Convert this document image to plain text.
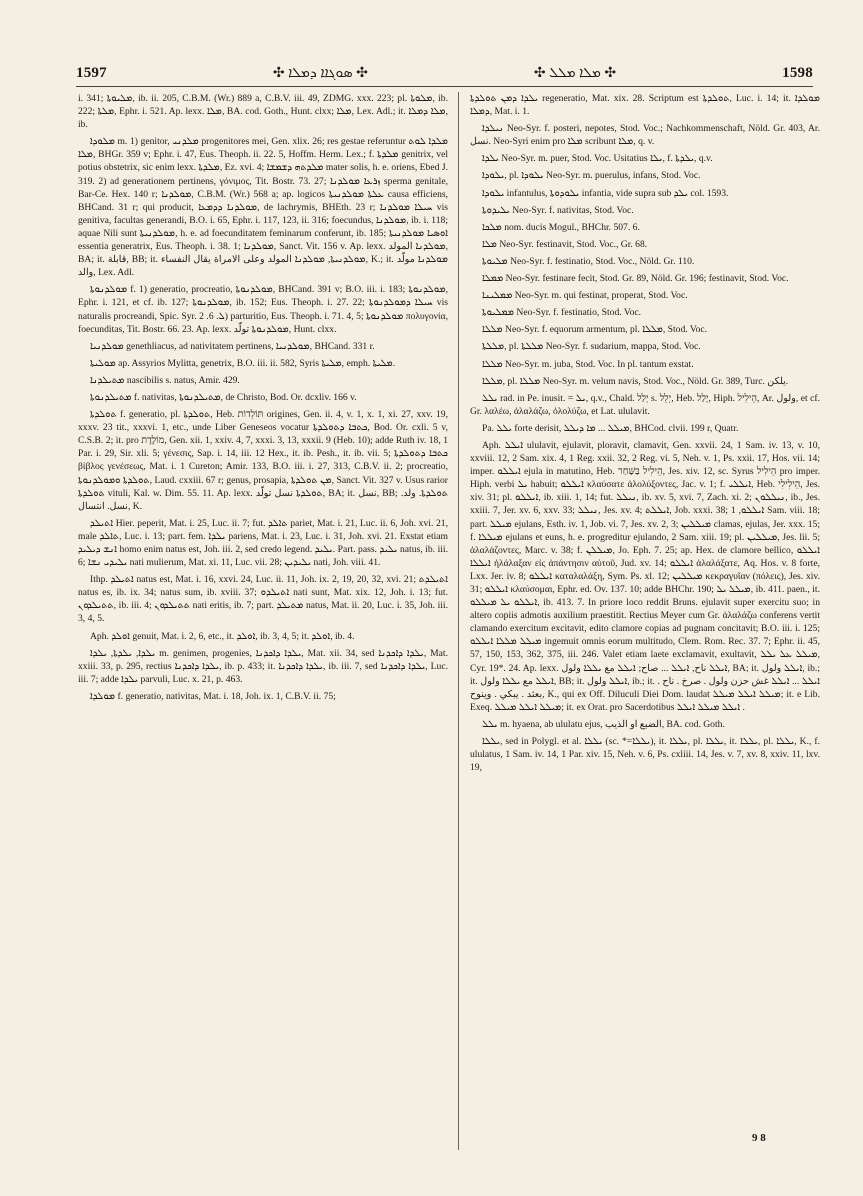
1597	✣ ܣܘܓܐܐ ܕܡܠܐ ✣	✣ ܡܠܐ ܡܠܠ ✣	1598

i. 341; ܡܠܝܘܬܐ, ib. ii. 205, C.B.M. (Wr.) 889 a, C.B.V. iii. 49, ZDMG. xxx. 223; pl. ܡܠܘܬܐ, ib. 222; ܡܠܬܐ, Ephr. i. 521. Ap. lexx. ܡܠܐ, BA. cod. Goth., Hunt. clxx; ܡܠܐ, Lex. Adl.; it. ܡܠܐ ܕܡܠܐ, ib.

ܡܠܘܕܐ m. 1) genitor, ܡܠܕܢܝ progenitores mei, Gen. xlix. 26; res gestae referuntur ܡܠܕܐ ܠܘܬ ܡܠܐ, BHGr. 359 v; Ephr. i. 47, Eus. Theoph. ii. 22. 5, Hoffm. Herm. Lex.; f. ܡܠܕܬܐ genitrix, vel potius obstetrix, sic enim lexx. ܡܠܕܬܐ, Ez. xvi. 4; ܡܠܕܬܗ ܕܫܡܫܐ mater solis, h. e. oriens, Ebed J. 319. 2) ad generationem pertinens, γόνιμος, Tit. Bostr. 73. 27; ܙܪܥܐ ܡܘܠܕܢܐ sperma genitale, Bar-Ce. Hex. 140 r; ܡܘܠܕܢܐ, C.B.M. (Wr.) 568 a; ap. logicos ܥܠܬܐ ܡܘܠܕܢܝܬܐ causa efficiens, BHCand. 31 r; qui producit, ܡܘܠܕܢܐ ܕܕܡܥܐ, de lachrymis, BHEth. 23 r; ܚܝܠܐ ܡܘܠܕܢܐ vis genitiva, facultas generandi, B.O. i. 65, Ephr. i. 117, 123, ii. 316; foecundus, ܡܘܠܕܢܐ, ib. i. 118; aquae Nili sunt ܡܘܠܕܢܝܬܐ, h. e. ad foecunditatem feminarum conferunt, ib. 185; ܐܘܣܝܐ ܡܘܠܕܢܝܬܐ essentia generatrix, Eus. Theoph. i. 38. 1; ܡܘܠܕܢܐ, Sanct. Vit. 156 v. Ap. lexx. ܡܘܠܕܢܐ المولد, BA; it. قابلة, BB; it. ܡܘܠܕܢܝܬܐ, ܡܘܠܕܢܐ المولد وعلى الامراة يقال النفساء, K.; it. ܡܘܠܕܢܐ مولّد والد, Lex. Adl.

ܡܘܠܕܢܘܬܐ f. 1) generatio, procreatio, ܡܘܠܕܢܘܬܐ, BHCand. 391 v; B.O. iii. i. 183; ܡܘܠܕܢܘܬܐ, Ephr. i. 121, et cf. ib. 127; ܡܘܠܕܢܘܬܐ, ib. 152; Eus. Theoph. i. 27. 22; ܚܝܠܐ ܕܡܘܠܕܢܘܬܐ vis naturalis procreandi, Spic. Syr. ܠ. 6. 2) parturitio, Eus. Theoph. i. 71. 4, 5; ܡܘܠܕܢܘܬܐ πολυγονία, foecunditas, Tit. Bostr. 66. 23. Ap. lexx. ܡܘܠܕܢܘܬܐ تولّد, Hunt. clxx.

ܡܘܠܕܢܝܐ genethliacus, ad nativitatem pertinens, ܡܘܠܕܢܝܐ, BHCand. 331 r.

ܡܘܠܝܬܐ ap. Assyrios Mylitta, genetrix, B.O. iii. ii. 582, Syris ܡܠܝܬܐ, emph. ܡܠܝܬܐ.

ܡܬܝܠܕܢܐ nascibilis s. natus, Amir. 429.

ܡܬܝܠܕܢܘܬܐ f. nativitas, ܡܬܝܠܕܢܘܬܐ, de Christo, Bod. Or. dcxliv. 166 v.

ܬܘܠܕܬܐ f. generatio, pl. ܬܘܠܕܬܐ, Heb. תּוֹלְדוֹת origines, Gen. ii. 4, v. 1, x. 1, xi. 27, xxv. 19, xxxv. 23 tit., xxxvi. 1, etc., unde Liber Geneseos vocatur ܟܬܒܐ ܕܬܘܠܕܬܐ, Bod. Or. cxli. 5 v, C.S.B. 2; it. pro מוֹלֶדֶת, Gen. xii. 1, xxiv. 4, 7, xxxi. 3, 13, xxxii. 9 (Heb. 10); adde Ruth iv. 18, 1 Par. i. 29, Sir. xli. 5; γένεσις, Sap. i. 14, iii. 12 Hex., it. ib. Pesh., it. ib. vii. 5; ܟܬܒܐ ܕܬܘܠܕܬܐ βίβλος γενέσεως, Mat. i. 1 Cureton; Amir. 133, B.O. iii. i. 27, 313, C.B.V. ii. 2; procreatio, ܬܘܠܕܬܐ ܘܡܘܠܕܢܘܬܐ, Laud. cxxiii. 67 r; genus, prosapia, ܡܢ ܬܘܠܕܬܐ, Sanct. Vit. 327 v. Usus rarior ܬܘܠܕܬܐ vituli, Kal. w. Dim. 55. 11. Ap. lexx. ܬܘܠܕܬܐ نسل تولّد, BA; it. نسل, BB; ܬܘܠܕܬܐ. ولد. نسل. انتسال, K.

ܐܬܝܠܕ Hier. peperit, Mat. i. 25, Luc. ii. 7; fut. ܬܐܠܕ pariet, Mat. i. 21, Luc. ii. 6, Joh. xvi. 21, male ܬܐܠܕ, Luc. i. 13; part. fem. ܝܠܕܐ pariens, Mat. i. 23, Luc. i. 31, Joh. xvi. 21. Exstat etiam ܐܢܫ ܕܝܠܝܕ homo enim natus est, Joh. iii. 2, sed credo legend. ܝܠܝܕ. Part. pass. ܝܠܝܕ natus, ib. iii. 6; ܝܠܝܕܝ ܢܫܐ nati mulierum, Mat. xi. 11, Luc. vii. 28; ܝܠܝܕܝܢ nati, Joh. viii. 41.

Ithp. ܐܬܝܠܕ natus est, Mat. i. 16, xxvi. 24, Luc. ii. 11, Joh. ix. 2, 19, 20, 32, xvi. 21; ܐܬܝܠܕܬ natus es, ib. ix. 34; natus sum, ib. xviii. 37; ܐܬܝܠܕܘ nati sunt, Mat. xix. 12, Joh. i. 13; fut. ܬܬܝܠܕܘܢ, ib. iii. 4; ܬܬܝܠܕܘܢ nati eritis, ib. 7; part. ܡܬܝܠܕ natus, Mat. ii. 20, Luc. i. 35, Joh. iii. 3, 4, 5.

Aph. ܐܘܠܕ genuit, Mat. i. 2, 6, etc., it. ܐܘܠܕ, ib. 3, 4, 5; it. ܐܘܠܕ, ib. 4.

ܝܠܕܐ, ܝܠܕܬܐ, ܝܠܕܐ m. genimen, progenies, ܝܠܕܐ ܕܐܟܕܢܐ, Mat. xii. 34, sed ܝܠܕܐ ܕܐܟܕܢܐ, Mat. xxiii. 33, p. 295, rectius ܝܠܕܐ ܕܐܟܕܢܐ, ib. p. 433; it. ܝܠܕܐ ܕܐܟܕܢܐ, ib. iii. 7, sed ܝܠܕܐ ܕܐܟܕܢܐ, Luc. iii. 7; adde ܝܠܕܐ parvuli, Luc. x. 21, p. 463.

ܡܘܠܕܐ f. generatio, nativitas, Mat. i. 18, Joh. ix. 1, C.B.V. ii. 75;

ܝܠܕܐ ܕܡܢ ܬܘܠܕܬܐ regeneratio, Mat. xix. 28. Scriptum est ܬܘܠܕܬܐ, Luc. i. 14; it. ܡܘܠܕܐ ܕܡܠܐ, Mat. i. 1.

ܢܝܠܕܐ Neo-Syr. f. posteri, nepotes, Stod. Voc.; Nachkommenschaft, Nöld. Gr. 403, Ar. نسل. Neo-Syri enim pro ܡܠܐ scribunt ܡܠܐ, q. v.

ܝܠܕܐ Neo-Syr. m. puer, Stod. Voc. Usitatius ܝܠܐ, f. ܝܠܕܬܐ, q.v.

ܝܠܘܕܐ, pl. ܝܠܘܕܐ Neo-Syr. m. puerulus, infans, Stod. Voc.

ܝܠܘܕܐ infantulus, ܝܠܘܕܘܬܐ infantia, vide supra sub ܝܠܕ col. 1593.

ܝܠܝܕܘܬܐ Neo-Syr. f. nativitas, Stod. Voc.

ܡܠܟܐ nom. ducis Mogul., BHChr. 507. 6.

ܡܠܐ Neo-Syr. festinavit, Stod. Voc., Gr. 68.

ܡܠܝܘܬܐ Neo-Syr. f. festinatio, Stod. Voc., Nöld. Gr. 110.

ܡܡܠܐ Neo-Syr. festinare fecit, Stod. Gr. 89, Nöld. Gr. 196; festinavit, Stod. Voc.

ܡܡܠܝܢܐ Neo-Syr. m. qui festinat, properat, Stod. Voc.

ܡܡܠܝܘܬܐ Neo-Syr. f. festinatio, Stod. Voc.

ܡܠܠܐ Neo-Syr. f. equorum armentum, pl. ܡܠܠܐ, Stod. Voc.

ܡܠܠܬܐ, pl. ܡܠܠܬܐ Neo-Syr. f. sudarium, mappa, Stod. Voc.

ܡܠܠܐ Neo-Syr. m. juba, Stod. Voc. In pl. tantum exstat.

ܡܠܠܐ, pl. ܡܠܠܐ Neo-Syr. m. velum navis, Stod. Voc., Nöld. Gr. 389, Turc. يلكن.

ܝܠܠ rad. in Pe. inusit. = ܝܠ, q.v., Chald. יְלַל s. יְלֵל, Heb. יָלַל, Hiph. הֵילִיל, Ar. ولول, et cf. Gr. λαλέω, ἀλαλάζω, ὀλολύζω, et Lat. ululavit.

Pa. ܝܠܠ forte derisit, ܡܝܠܠ ... ܡܐ ܕܝܠܠ, BHCod. clvii. 199 r, Quatr.

Aph. ܐܝܠܠ ululavit, ejulavit, ploravit, clamavit, Gen. xxvii. 24, 1 Sam. iv. 13, v. 10, xxviii. 12, 2 Sam. xix. 4, 1 Reg. xxii. 32, 2 Reg. vi. 5, Neh. v. 1, Ps. xxii. 17, Hos. vii. 14; imper. ܐܝܠܠܘ ejula in matutino, Heb. הֵילִיל בַּשַּׁחַר, Jes. xiv. 12, sc. Syrus הֵילִיל pro imper. Hiph. verbi ܝܠ habuit; ܐܝܠܠܘ κλαύσατε ἀλολύξοντες, Jac. v. 1; f. ܐܝܠܠܝ, Heb. הֵילִילִי, Jes. xiv. 31; pl. ܐܝܠܠܘ, ib. xiii. 1, 14; fut. ܢܝܠܠ, ib. xv. 5, xvi. 7, Zach. xi. 2; ܢܝܠܠܘܢ, ib., Jes. xxiii. 7, Jer. xv. 6, xxv. 33; ܢܝܠܠ, Jes. xv. 4; ܐܝܠܠܬ, Job. xxxi. 38; ܐܝܠܠܘ, 1 Sam. viii. 18; part. ܡܝܠܠ ejulans, Esth. iv. 1, Job. vi. 7, Jes. xv. 2, 3; ܡܝܠܠܝܢ clamas, ejulas, Jer. xxx. 15; f. ܡܝܠܠܐ ejulans et euns, h. e. progreditur ejulando, 2 Sam. xiii. 19; pl. ܡܝܠܠܝܢ, Jes. lii. 5; ἀλαλάζοντες, Marc. v. 38; f. ܡܝܠܠܢ, Jo. Eph. 7. 25; ap. Hex. de clamore bellico, ܐܝܠܠܘ ܐܝܠܠܐ ἠλάλαξαν εἰς ἀπάντησιν αὐτοῦ, Jud. xv. 14; ܐܝܠܠܘ ἀλαλάξατε, Aq. Hos. v. 8 forte, Lxx. Jer. iv. 8; ܐܝܠܠܘ καταλαλάξη, Sym. Ps. xl. 12; ܡܝܠܠܝܢ κεκραγυῖαν (πόλεις), Jes. xiv. 31; ܐܝܠܠܘ κλαύσομαι, Ephr. ed. Ov. 137. 10; adde BHChr. 190; ܡܝܠܠ ܝܠ, ib. 411. paen., it. ܐܝܠܠܘ ܝܠ ܡܝܠܠܘ, ib. 413. 7. In priore loco reddit Bruns. ejulavit super exercitu suo; in altero copiis admotis auxilium praestitit. Rectius Meyer cum Gr. ἀλαλάζω conferens vertit clamando exercitum excitavit, edito clamore copias ad pugnam concitavit; B.O. iii. i. 125; ܡܝܠܠ ܡܠܠܐ ܐܝܠܠܘ ingemuit omnis eorum multitudo, Clem. Rom. Rec. 37. 7; Ephr. ii. 45, 57, 150, 153, 362, 375, iii. 246. Valet etiam laete exclamavit, exultavit, ܡܝܠܠ ܥܠ ܝܠܠ, Cyr. 19*. 24. Ap. lexx. ܐܝܠܠ ناح, ܐܝܠܠ ... صاح; ܐܝܠܠ مع ܝܠܠܐ ولول, BA; it. ܐܝܠܠ ولول, ib.; it. ܐܝܠܠ مع ܝܠܠܐ ولول, BB; it. ܐܝܠܠ ولول, ib.; it. ܐܝܠܠ ... ܐܝܠܠ غش حزن ولول . صرخ . ناح . بعثد . يبكي . وينوح, K., qui ex Off. Diluculi Diei Dom. laudat ܡܝܠܠ ܐܝܠܠ ܡܝܠܠ; it. e Lib. Exeq. ܡܝܠܠ ܐܝܠܠ ܡܝܠܠ; it. ex Orat. pro Sacerdotibus ܐܝܠܠ ܡܝܠܠ ܐܝܠܠ .

ܝܠܠ m. hyaena, ab ululatu ejus, الضبع او الذيب, BA. cod. Goth.

ܝܠܠܐ, sed in Polygl. et al. ܝܠܠܐ (sc. *=ܝܠܠܐ), it. ܝܠܠܐ, pl. ܝܠܠܐ, it. ܝܠܠܐ, pl. ܝܠܠܐ, K., f. ululatus, 1 Sam. iv. 14, 1 Par. xiv. 15, Neh. v. 6, Ps. cxliii. 14, Jes. v. 7, xv. 8, xxiv. 11, lxv. 19,

9 8
